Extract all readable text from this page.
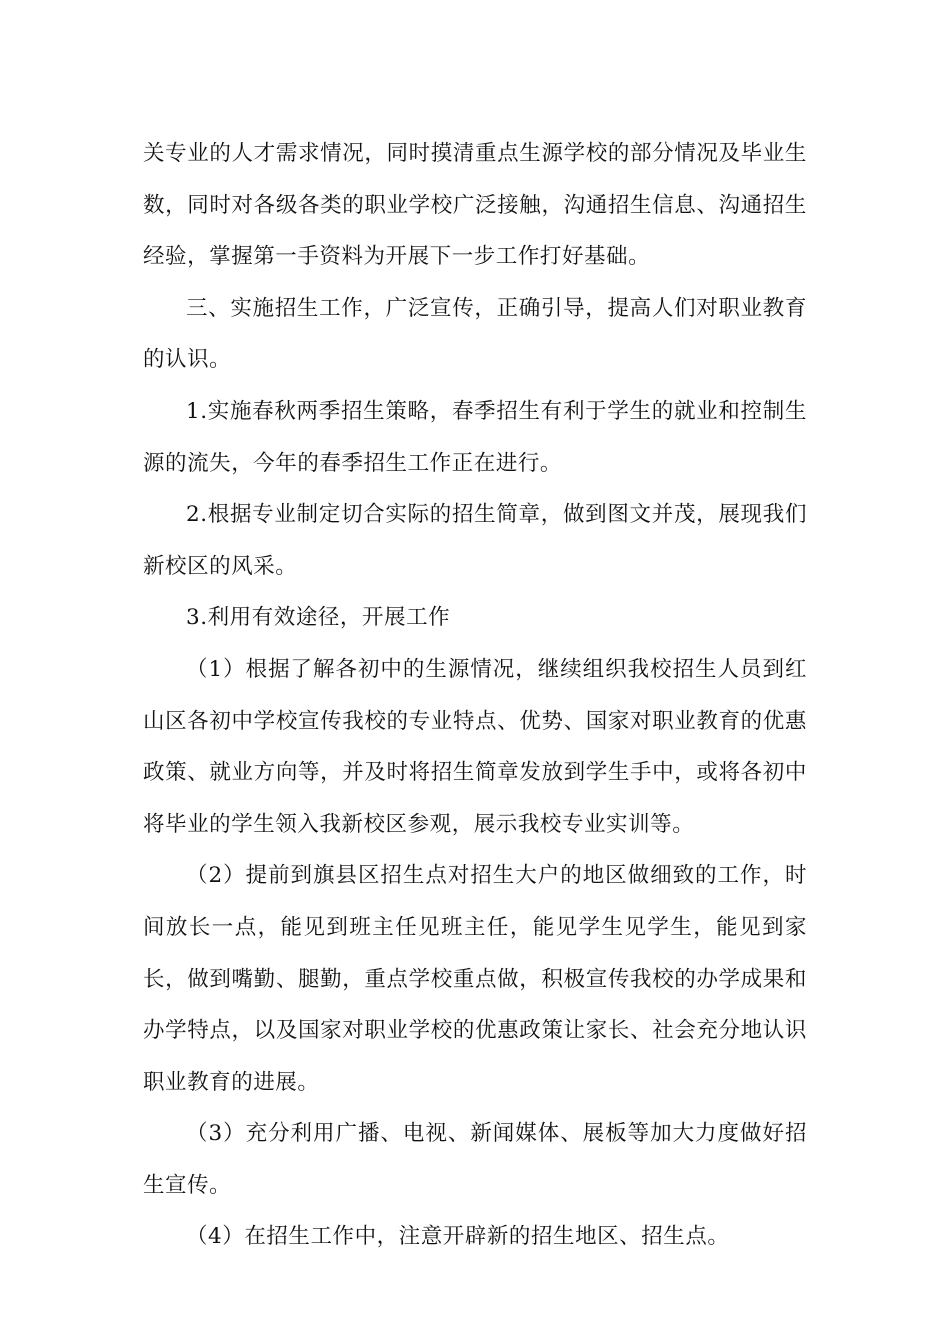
关专业的人才需求情况，同时摸清重点生源学校的部分情况及毕业生数，同时对各级各类的职业学校广泛接触，沟通招生信息、沟通招生经验，掌握第一手资料为开展下一步工作打好基础。

三、实施招生工作，广泛宣传，正确引导，提高人们对职业教育的认识。

1.实施春秋两季招生策略，春季招生有利于学生的就业和控制生源的流失，今年的春季招生工作正在进行。

2.根据专业制定切合实际的招生简章，做到图文并茂，展现我们新校区的风采。

3.利用有效途径，开展工作

（1）根据了解各初中的生源情况，继续组织我校招生人员到红山区各初中学校宣传我校的专业特点、优势、国家对职业教育的优惠政策、就业方向等，并及时将招生简章发放到学生手中，或将各初中将毕业的学生领入我新校区参观，展示我校专业实训等。

（2）提前到旗县区招生点对招生大户的地区做细致的工作，时间放长一点，能见到班主任见班主任，能见学生见学生，能见到家长，做到嘴勤、腿勤，重点学校重点做，积极宣传我校的办学成果和办学特点，以及国家对职业学校的优惠政策让家长、社会充分地认识职业教育的进展。

（3）充分利用广播、电视、新闻媒体、展板等加大力度做好招生宣传。

（4）在招生工作中，注意开辟新的招生地区、招生点。
